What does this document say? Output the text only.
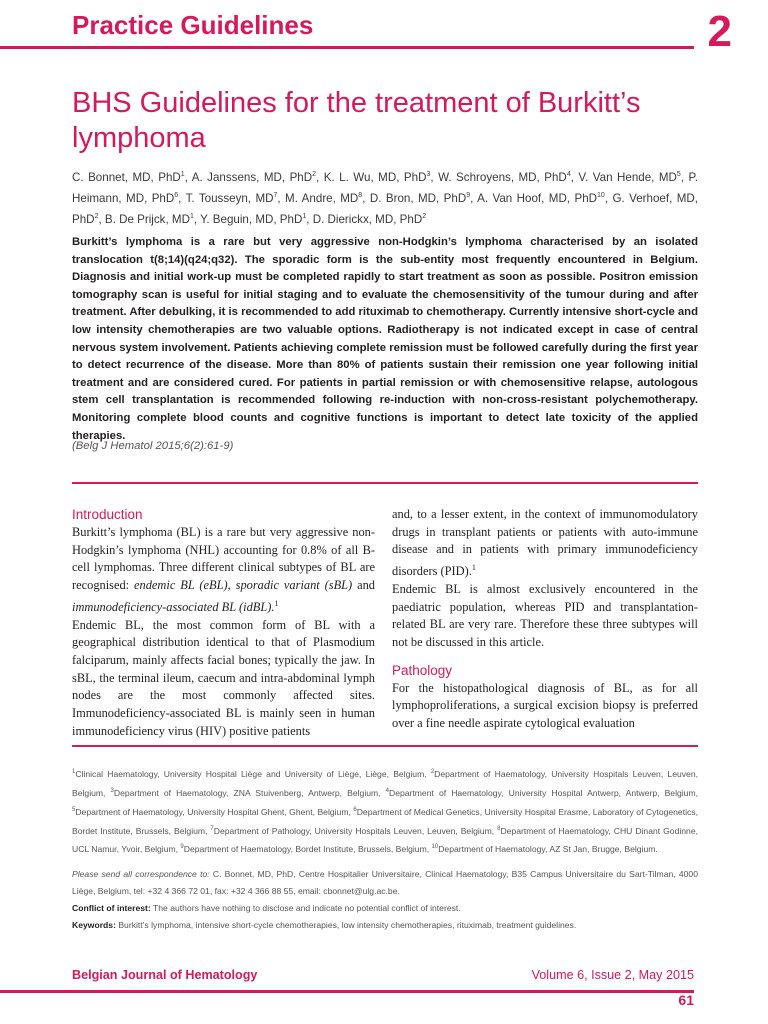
Practice Guidelines	2
BHS Guidelines for the treatment of Burkitt’s lymphoma

C. Bonnet, MD, PhD$^1$, A. Janssens, MD, PhD$^2$, K. L. Wu, MD, PhD$^3$, W. Schroyens, MD, PhD$^4$, V. Van Hende, $MD^5$, P. Heimann, MD, PhD$^6$, T. Tousseyn, $MD^7$, M. Andre, $MD^8$, D. Bron, MD, PhD$^9$, A. Van Hoof, MD, PhD$^{10}$, G. Verhoef, MD, PhD$^2$, B. De Prijck, $MD^1$, Y. Beguin, MD, PhD$^1$, D. Dierickx, MD, PhD$^2$

Burkitt’s lymphoma is a rare but very aggressive non-Hodgkin’s lymphoma characterised by an isolated translocation t(8;14)(q24;q32). The sporadic form is the sub-entity most frequently encountered in Belgium. Diagnosis and initial work-up must be completed rapidly to start treatment as soon as possible. Positron emission tomography scan is useful for initial staging and to evaluate the chemosensitivity of the tumour during and after treatment. After debulking, it is recommended to add rituximab to chemotherapy. Currently intensive short-cycle and low intensity chemotherapies are two valuable options. Radiotherapy is not indicated except in case of central nervous system involvement. Patients achieving complete remission must be followed carefully during the first year to detect recurrence of the disease. More than 80% of patients sustain their remission one year following initial treatment and are considered cured. For patients in partial remission or with chemosensitive relapse, autologous stem cell transplantation is recommended following re-induction with non-cross-resistant polychemotherapy. Monitoring complete blood counts and cognitive functions is important to detect late toxicity of the applied therapies.

(Belg J Hematol 2015;6(2):61-9)
Introduction

Burkitt’s lymphoma (BL) is a rare but very aggressive non-Hodgkin’s lymphoma (NHL) accounting for 0.8% of all B-cell lymphomas. Three different clinical subtypes of BL are recognised: endemic BL (eBL), sporadic variant (sBL) and immunodeficiency-associated BL (idBL).$^1$

Endemic BL, the most common form of BL with a geographical distribution identical to that of Plasmodium falciparum, mainly affects facial bones; typically the jaw. In sBL, the terminal ileum, caecum and intra-abdominal lymph nodes are the most commonly affected sites. Immunodeficiency-associated BL is mainly seen in human immunodeficiency virus (HIV) positive patients

and, to a lesser extent, in the context of immunomodulatory drugs in transplant patients or patients with auto-immune disease and in patients with primary immunodeficiency disorders (PID).$^1$

Endemic BL is almost exclusively encountered in the paediatric population, whereas PID and transplantation-related BL are very rare. Therefore these three subtypes will not be discussed in this article.

Pathology

For the histopathological diagnosis of BL, as for all lymphoproliferations, a surgical excision biopsy is preferred over a fine needle aspirate cytological evaluation

$^1$Clinical Haematology, University Hospital Liège and University of Liège, Liège, Belgium, $^2$Department of Haematology, University Hospitals Leuven, Leuven, Belgium, $^3$Department of Haematology, ZNA Stuivenberg, Antwerp, Belgium, $^4$Department of Haematology, University Hospital Antwerp, Antwerp, Belgium, $^5$Department of Haematology, University Hospital Ghent, Ghent, Belgium, $^6$Department of Medical Genetics, University Hospital Erasme, Laboratory of Cytogenetics, Bordet Institute, Brussels, Belgium, $^7$Department of Pathology, University Hospitals Leuven, Leuven, Belgium, $^8$Department of Haematology, CHU Dinant Godinne, UCL Namur, Yvoir, Belgium, $^9$Department of Haematology, Bordet Institute, Brussels, Belgium, $^{10}$Department of Haematology, AZ St Jan, Brugge, Belgium.
Please send all correspondence to: C. Bonnet, MD, PhD, Centre Hospitalier Universitaire, Clinical Haematology, B35 Campus Universitaire du Sart-Tilman, 4000 Liège, Belgium, tel: +32 4 366 72 01, fax: +32 4 366 88 55, email: cbonnet@ulg.ac.be.
Conflict of interest: The authors have nothing to disclose and indicate no potential conflict of interest.
Keywords: Burkitt’s lymphoma, intensive short-cycle chemotherapies, low intensity chemotherapies, rituximab, treatment guidelines.
Belgian Journal of Hematology	Volume 6, Issue 2, May 2015
61
